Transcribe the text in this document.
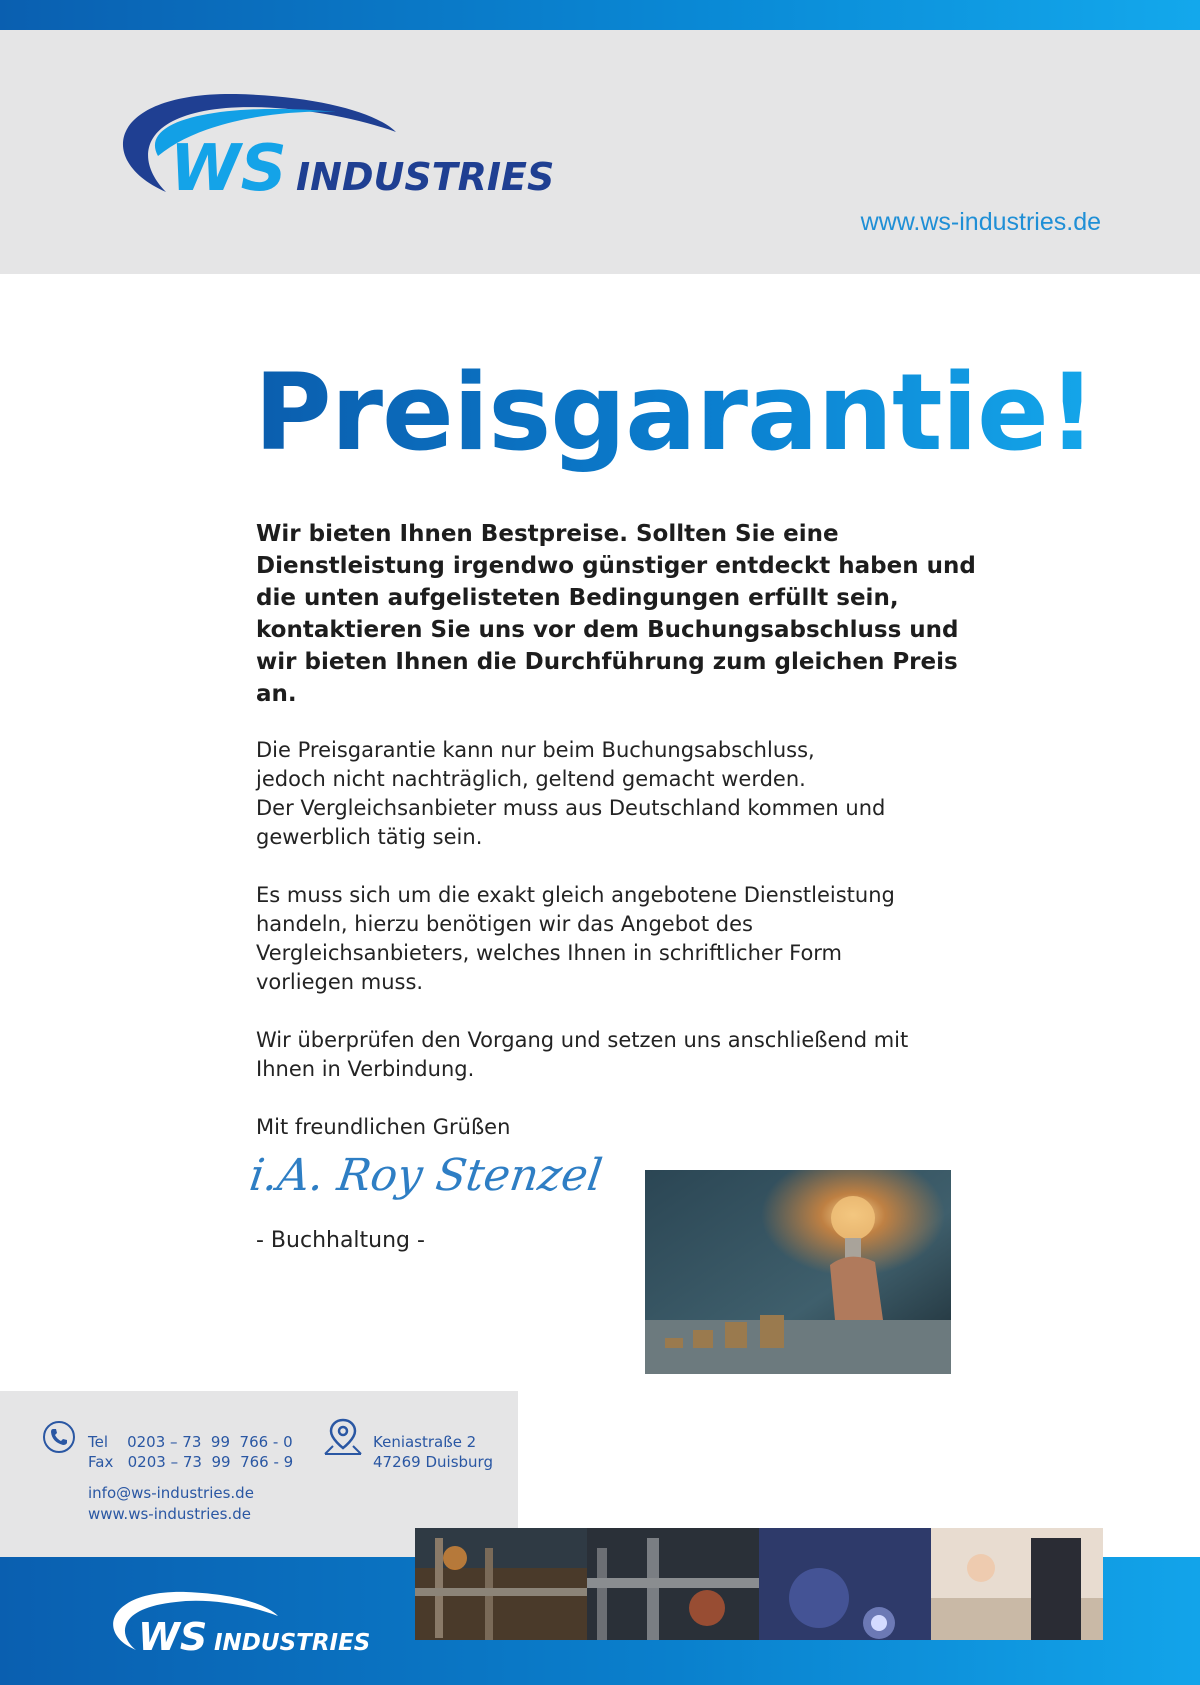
WS INDUSTRIES
www.ws-industries.de
Preisgarantie!

Wir bieten Ihnen Bestpreise. Sollten Sie eine Dienstleistung irgendwo günstiger entdeckt haben und die unten aufgelisteten Bedingungen erfüllt sein, kontaktieren Sie uns vor dem Buchungsabschluss und wir bieten Ihnen die Durchführung zum gleichen Preis an.

Die Preisgarantie kann nur beim Buchungsabschluss,
jedoch nicht nachträglich, geltend gemacht werden.
Der Vergleichsanbieter muss aus Deutschland kommen und
gewerblich tätig sein.

Es muss sich um die exakt gleich angebotene Dienstleistung
handeln, hierzu benötigen wir das Angebot des
Vergleichsanbieters, welches Ihnen in schriftlicher Form
vorliegen muss.

Wir überprüfen den Vorgang und setzen uns anschließend mit
Ihnen in Verbindung.

Mit freundlichen Grüßen

i.A. Roy Stenzel
- Buchhaltung -
Tel    0203 – 73  99  766 - 0
Fax   0203 – 73  99  766 - 9
info@ws-industries.de
www.ws-industries.de
Keniastraße 2
47269 Duisburg
WS INDUSTRIES
